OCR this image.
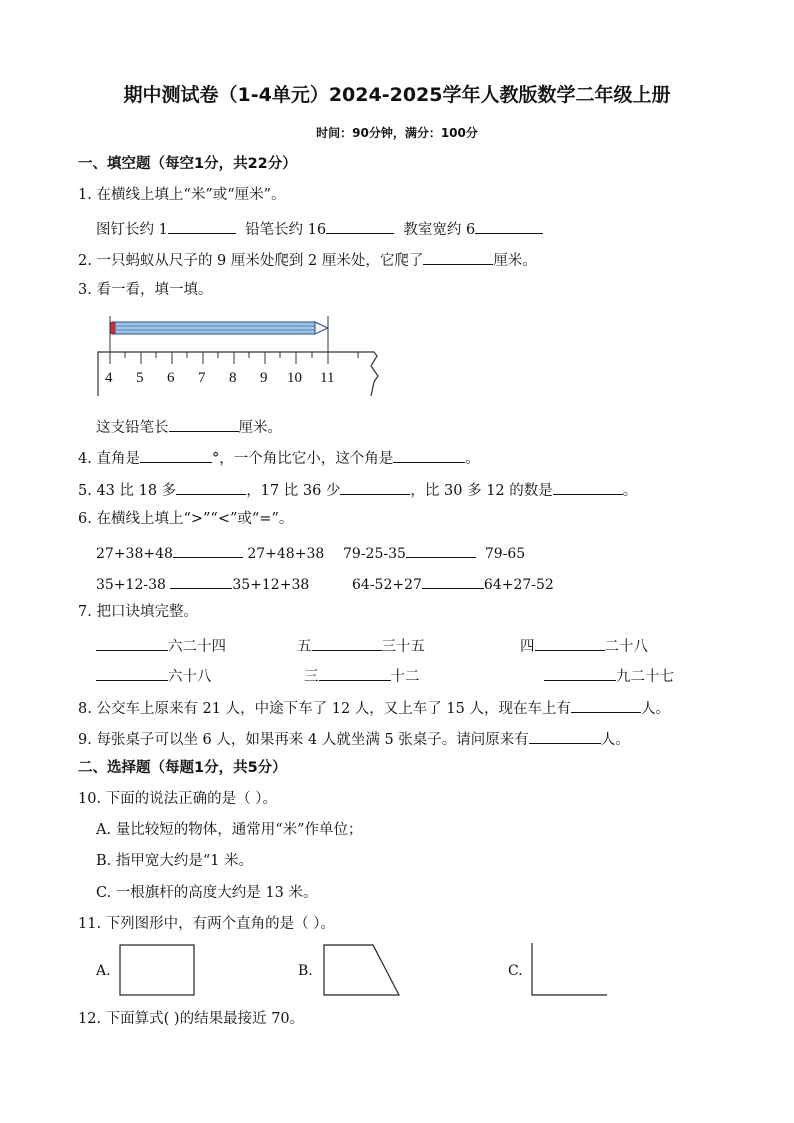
期中测试卷（1-4单元）2024-2025学年人教版数学二年级上册
时间：90分钟，满分：100分
一、填空题（每空1分，共22分）
1. 在横线上填上“米”或“厘米”。
图钉长约 1	铅笔长约 16	教室宽约 6
2. 一只蚂蚁从尺子的 9 厘米处爬到 2 厘米处，它爬了	厘米。
3. 看一看，填一填。
4 5 6 7 8 9 10 11
这支铅笔长	厘米。
4. 直角是	°，一个角比它小，这个角是	。
5. 43 比 18 多	，17 比 36 少	，比 30 多 12 的数是	。
6. 在横线上填上“>”“<”或“=”。
27+38+48	27+48+38 79-25-35	79-65
35+12-38	35+12+38	64-52+27	64+27-52
7. 把口诀填完整。
六二十四	五	三十五	四	二十八
六十八	三	十二	九二十七
8. 公交车上原来有 21 人，中途下车了 12 人，又上车了 15 人，现在车上有	人。
9. 每张桌子可以坐 6 人，如果再来 4 人就坐满 5 张桌子。请问原来有	人。
二、选择题（每题1分，共5分）
10. 下面的说法正确的是（ ）。
A. 量比较短的物体，通常用“米”作单位；
B. 指甲宽大约是“1 米。
C. 一根旗杆的高度大约是 13 米。
11. 下列图形中，有两个直角的是（ ）。
A.	B.	C.
12. 下面算式( )的结果最接近 70。
